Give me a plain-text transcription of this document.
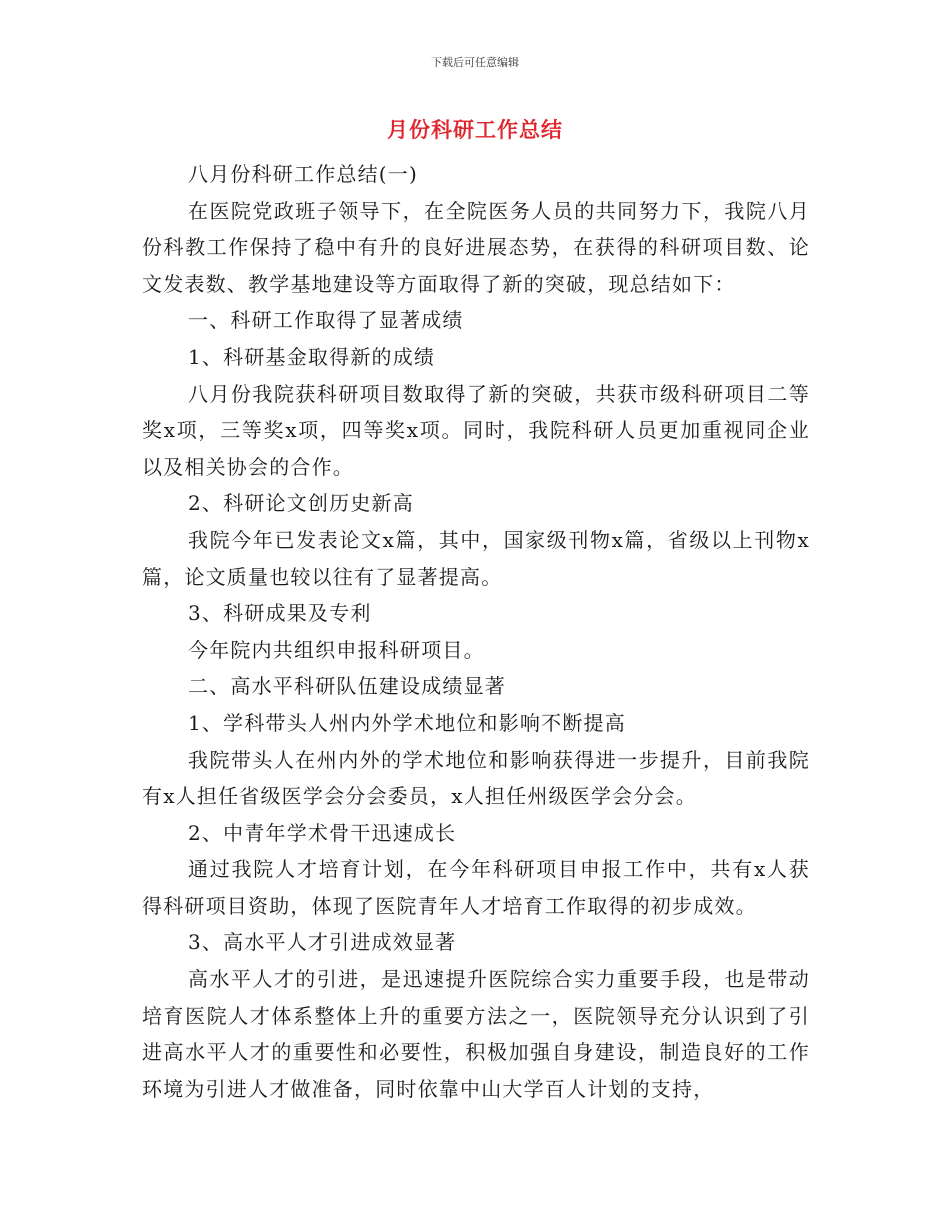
下载后可任意编辑
月份科研工作总结

八月份科研工作总结(一)

在医院党政班子领导下，在全院医务人员的共同努力下，我院八月份科教工作保持了稳中有升的良好进展态势，在获得的科研项目数、论文发表数、教学基地建设等方面取得了新的突破，现总结如下：

一、科研工作取得了显著成绩

1、科研基金取得新的成绩

八月份我院获科研项目数取得了新的突破，共获市级科研项目二等奖x项，三等奖x项，四等奖x项。同时，我院科研人员更加重视同企业以及相关协会的合作。

2、科研论文创历史新高

我院今年已发表论文x篇，其中，国家级刊物x篇，省级以上刊物x篇，论文质量也较以往有了显著提高。

3、科研成果及专利

今年院内共组织申报科研项目。

二、高水平科研队伍建设成绩显著

1、学科带头人州内外学术地位和影响不断提高

我院带头人在州内外的学术地位和影响获得进一步提升，目前我院有x人担任省级医学会分会委员，x人担任州级医学会分会。

2、中青年学术骨干迅速成长

通过我院人才培育计划，在今年科研项目申报工作中，共有x人获得科研项目资助，体现了医院青年人才培育工作取得的初步成效。

3、高水平人才引进成效显著

高水平人才的引进，是迅速提升医院综合实力重要手段，也是带动培育医院人才体系整体上升的重要方法之一，医院领导充分认识到了引进高水平人才的重要性和必要性，积极加强自身建设，制造良好的工作环境为引进人才做准备，同时依靠中山大学百人计划的支持，
